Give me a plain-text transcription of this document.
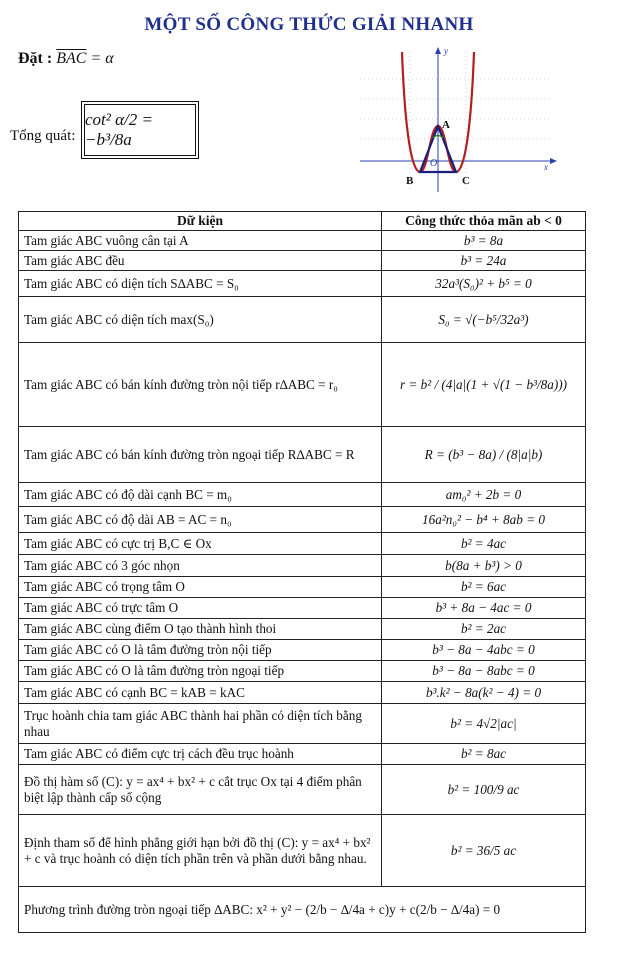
MỘT SỐ CÔNG THỨC GIẢI NHANH
Đặt : $\overline{BAC} = \alpha$
Tổng quát:
cot² α/2 = −b³/8a
y
x
O
A
B	C
Dữ kiện	Công thức thỏa mãn ab < 0
Tam giác ABC vuông cân tại A	b³ = 8a
Tam giác ABC đều	b³ = 24a
Tam giác ABC có diện tích S∆ABC = S₀	32a³(S₀)² + b⁵ = 0
Tam giác ABC có diện tích max(S₀)	S₀ = √(−b⁵/32a³)
Tam giác ABC có bán kính đường tròn nội tiếp r∆ABC = r₀	r = b² / (4|a|(1 + √(1 − b³/8a)))
Tam giác ABC có bán kính đường tròn ngoại tiếp R∆ABC = R	R = (b³ − 8a) / (8|a|b)
Tam giác ABC có độ dài cạnh BC = m₀	am₀² + 2b = 0
Tam giác ABC có độ dài AB = AC = n₀	16a²n₀² − b⁴ + 8ab = 0
Tam giác ABC có cực trị B,C ∈ Ox	b² = 4ac
Tam giác ABC có 3 góc nhọn	b(8a + b³) > 0
Tam giác ABC có trọng tâm O	b² = 6ac
Tam giác ABC có trực tâm O	b³ + 8a − 4ac = 0
Tam giác ABC cùng điểm O tạo thành hình thoi	b² = 2ac
Tam giác ABC có O là tâm đường tròn nội tiếp	b³ − 8a − 4abc = 0
Tam giác ABC có O là tâm đường tròn ngoại tiếp	b³ − 8a − 8abc = 0
Tam giác ABC có cạnh BC = kAB = kAC	b³.k² − 8a(k² − 4) = 0
Trục hoành chia tam giác ABC thành hai phần có diện tích bằng nhau	b² = 4√2|ac|
Tam giác ABC có điểm cực trị cách đều trục hoành	b² = 8ac
Đồ thị hàm số (C): y = ax⁴ + bx² + c cắt trục Ox tại 4 điểm phân biệt lập thành cấp số cộng	b² = 100/9 ac
Định tham số để hình phẳng giới hạn bởi đồ thị (C): y = ax⁴ + bx² + c và trục hoành có diện tích phần trên và phần dưới bằng nhau.	b² = 36/5 ac
Phương trình đường tròn ngoại tiếp ∆ABC: x² + y² − (2/b − ∆/4a + c)y + c(2/b − ∆/4a) = 0	
